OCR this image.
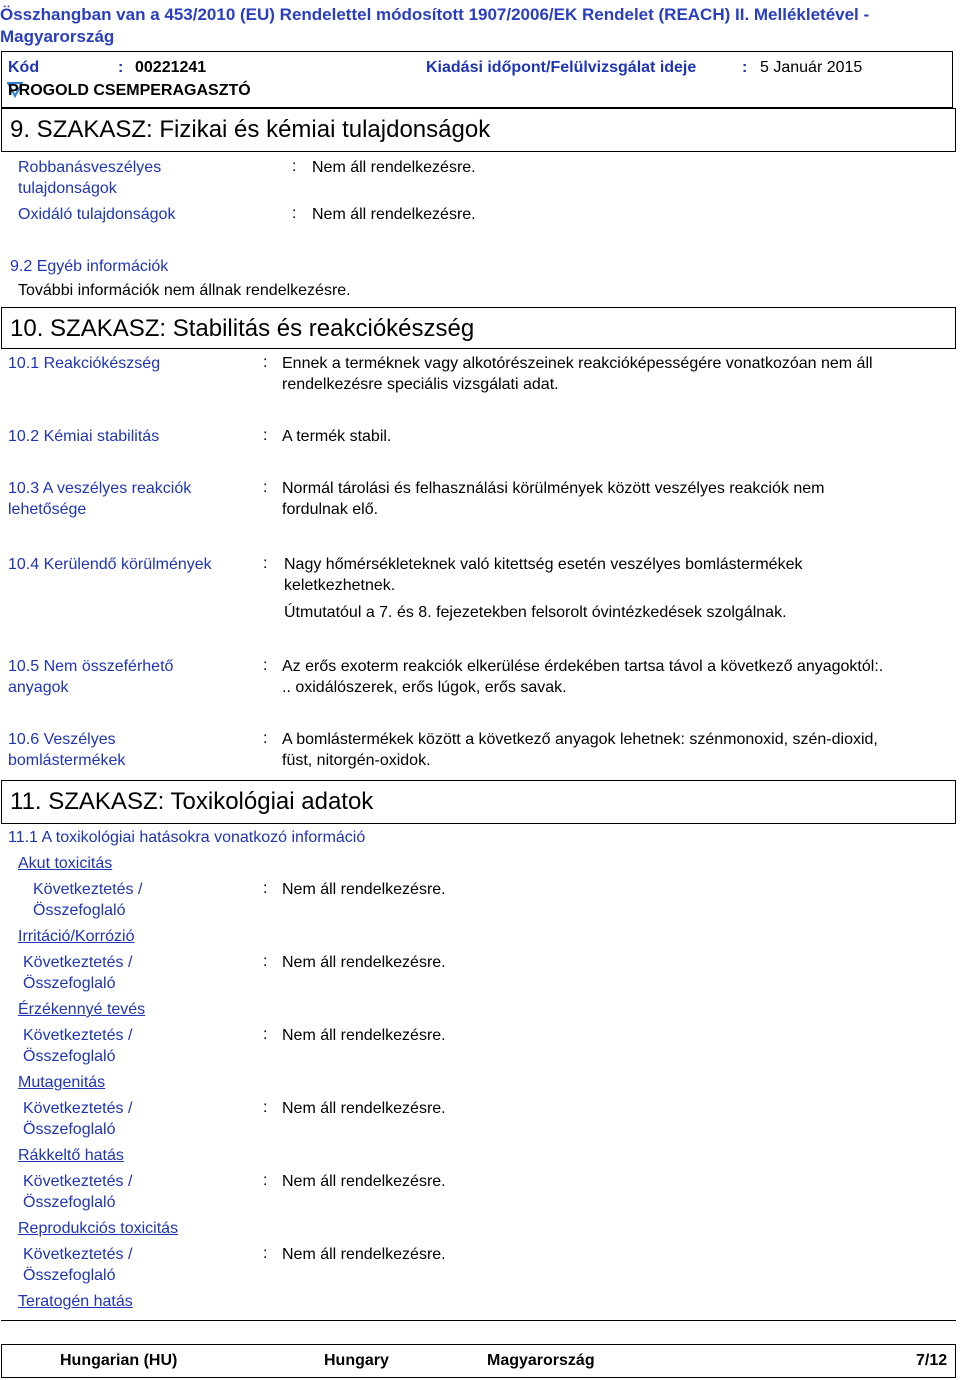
Összhangban van a 453/2010 (EU) Rendelettel módosított 1907/2006/EK Rendelet (REACH) II. Mellékletével - Magyarország
Kód	: 00221241	Kiadási időpont/Felülvizsgálat ideje	: 5 Január 2015
PROGOLD CSEMPERAGASZTÓ
9. SZAKASZ: Fizikai és kémiai tulajdonságok
Robbanásveszélyes
tulajdonságok
: Nem áll rendelkezésre.
Oxidáló tulajdonságok	: Nem áll rendelkezésre.
9.2 Egyéb információk
További információk nem állnak rendelkezésre.
10. SZAKASZ: Stabilitás és reakciókészség
10.1 Reakciókészség	: Ennek a terméknek vagy alkotórészeinek reakcióképességére vonatkozóan nem áll
rendelkezésre speciális vizsgálati adat.
10.2 Kémiai stabilitás	: A termék stabil.
10.3 A veszélyes reakciók
lehetősége
: Normál tárolási és felhasználási körülmények között veszélyes reakciók nem
fordulnak elő.
10.4 Kerülendő körülmények	: Nagy hőmérsékleteknek való kitettség esetén veszélyes bomlástermékek
keletkezhetnek.
Útmutatóul a 7. és 8. fejezetekben felsorolt óvintézkedések szolgálnak.
10.5 Nem összeférhető
anyagok
: Az erős exoterm reakciók elkerülése érdekében tartsa távol a következő anyagoktól:.
.. oxidálószerek, erős lúgok, erős savak.
10.6 Veszélyes
bomlástermékek
: A bomlástermékek között a következő anyagok lehetnek: szénmonoxid, szén-dioxid,
füst, nitorgén-oxidok.
11. SZAKASZ: Toxikológiai adatok
11.1 A toxikológiai hatásokra vonatkozó információ
Akut toxicitás
Következtetés /
Összefoglaló
: Nem áll rendelkezésre.
Irritáció/Korrózió
Következtetés /
Összefoglaló
: Nem áll rendelkezésre.
Érzékennyé tevés
Következtetés /
Összefoglaló
: Nem áll rendelkezésre.
Mutagenitás
Következtetés /
Összefoglaló
: Nem áll rendelkezésre.
Rákkeltő hatás
Következtetés /
Összefoglaló
: Nem áll rendelkezésre.
Reprodukciós toxicitás
Következtetés /
Összefoglaló
: Nem áll rendelkezésre.
Teratogén hatás
Hungarian (HU)	Hungary	Magyarország	7/12
